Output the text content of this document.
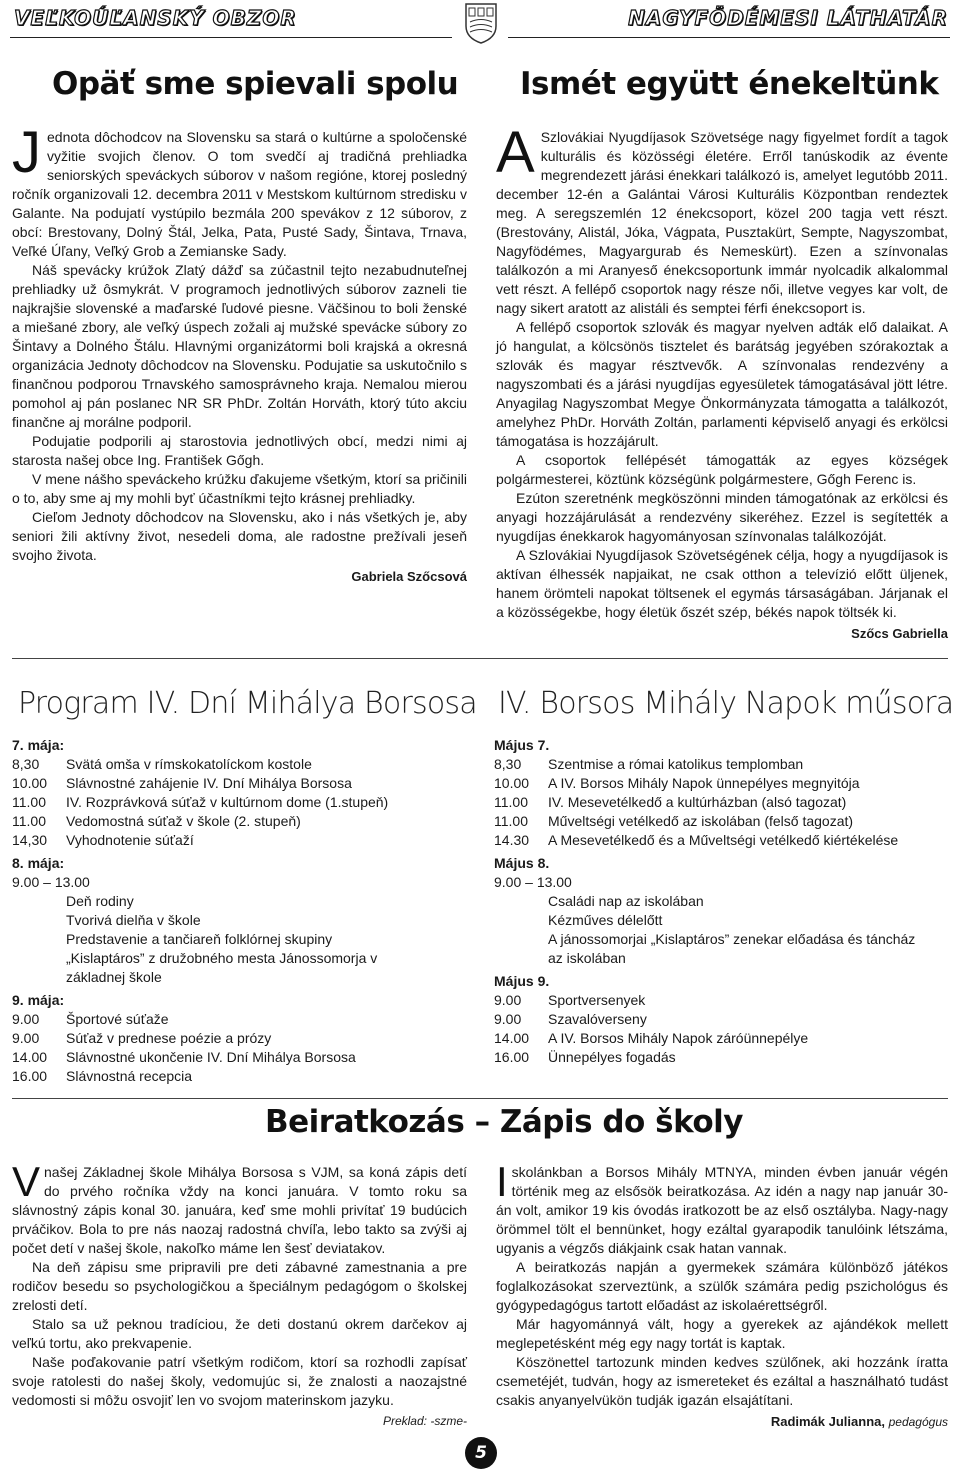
VEĽKOÚĽANSKÝ OBZOR	NAGYFÖDÉMESI LÁTHATÁR
Opäť sme spievali spolu

Jednota dôchodcov na Slovensku sa stará o kultúrne a spoločenské vyžitie svojich členov. O tom svedčí aj tradičná prehliadka seniorských speváckych súborov v našom regióne, ktorej posledný ročník organizovali 12. decembra 2011 v Mestskom kultúrnom stredisku v Galante. Na podujatí vystúpilo bezmála 200 spevákov z 12 súborov, z obcí: Brestovany, Dolný Štál, Jelka, Pata, Pusté Sady, Šintava, Trnava, Veľké Úľany, Veľký Grob a Zemianske Sady.

Náš spevácky krúžok Zlatý dážď sa zúčastnil tejto nezabudnuteľnej prehliadky už ôsmykrát. V programoch jednotlivých súborov zazneli tie najkrajšie slovenské a maďarské ľudové piesne. Väčšinou to boli ženské a miešané zbory, ale veľký úspech zožali aj mužské spevácke súbory zo Šintavy a Dolného Štálu. Hlavnými organizátormi boli krajská a okresná organizácia Jednoty dôchodcov na Slovensku. Podujatie sa uskutočnilo s finančnou podporou Trnavského samosprávneho kraja. Nemalou mierou pomohol aj pán poslanec NR SR PhDr. Zoltán Horváth, ktorý túto akciu finančne aj morálne podporil.

Podujatie podporili aj starostovia jednotlivých obcí, medzi nimi aj starosta našej obce Ing. František Gőgh.

V mene nášho speváckeho krúžku ďakujeme všetkým, ktorí sa pričinili o to, aby sme aj my mohli byť účastníkmi tejto krásnej prehliadky.

Cieľom Jednoty dôchodcov na Slovensku, ako i nás všetkých je, aby seniori žili aktívny život, nesedeli doma, ale radostne prežívali jeseň svojho života.

Gabriela Szőcsová
Ismét együtt énekeltünk

A Szlovákiai Nyugdíjasok Szövetsége nagy figyelmet fordít a tagok kulturális és közösségi életére. Erről tanúskodik az évente megrendezett járási énekkari találkozó is, amelyet legutóbb 2011. december 12-én a Galántai Városi Kulturális Központban rendeztek meg. A seregszemlén 12 énekcsoport, közel 200 tagja vett részt. (Brestovány, Alistál, Jóka, Vágpata, Pusztakürt, Sempte, Nagyszombat, Nagyfödémes, Magyargurab és Nemeskürt). Ezen a színvonalas találkozón a mi Aranyeső énekcsoportunk immár nyolcadik alkalommal vett részt. A fellépő csoportok nagy része női, illetve vegyes kar volt, de nagy sikert aratott az alistáli és semptei férfi énekcsoport is.

A fellépő csoportok szlovák és magyar nyelven adták elő dalaikat. A jó hangulat, a kölcsönös tisztelet és barátság jegyében szórakoztak a szlovák és magyar résztvevők. A színvonalas rendezvény a nagyszombati és a járási nyugdíjas egyesületek támogatásával jött létre. Anyagilag Nagyszombat Megye Önkormányzata támogatta a találkozót, amelyhez PhDr. Horváth Zoltán, parlamenti képviselő anyagi és erkölcsi támogatása is hozzájárult.

A csoportok fellépését támogatták az egyes községek polgármesterei, köztünk községünk polgármestere, Gőgh Ferenc is.

Ezúton szeretnénk megköszönni minden támogatónak az erkölcsi és anyagi hozzájárulását a rendezvény sikeréhez. Ezzel is segítették a nyugdíjas énekkarok hagyományosan színvonalas találkozóját.

A Szlovákiai Nyugdíjasok Szövetségének célja, hogy a nyugdíjasok is aktívan élhessék napjaikat, ne csak otthon a televízió előtt üljenek, hanem örömteli napokat töltsenek el egymás társaságában. Járjanak el a közösségekbe, hogy életük őszét szép, békés napok töltsék ki.

Szőcs Gabriella
Program IV. Dní Mihálya Borsosa
7. mája:
8,30	Svätá omša v rímskokatolíckom kostole
10.00	Slávnostné zahájenie IV. Dní Mihálya Borsosa
11.00	IV. Rozprávková súťaž v kultúrnom dome (1.stupeň)
11.00	Vedomostná súťaž v škole (2. stupeň)
14,30	Vyhodnotenie súťaží
8. mája:
9.00 – 13.00
Deň rodiny
Tvorivá dielňa v škole
Predstavenie a tančiareň folklórnej skupiny „Kislaptáros” z družobného mesta Jánossomorja v základnej škole
9. mája:
9.00	Športové súťaže
9.00	Súťaž v prednese poézie a prózy
14.00	Slávnostné ukončenie IV. Dní Mihálya Borsosa
16.00	Slávnostná recepcia
IV. Borsos Mihály Napok műsora
Május 7.
8,30	Szentmise a római katolikus templomban
10.00	A IV. Borsos Mihály Napok ünnepélyes megnyitója
11.00	IV. Mesevetélkedő a kultúrházban (alsó tagozat)
11.00	Műveltségi vetélkedő az iskolában (felső tagozat)
14.30	A Mesevetélkedő és a Műveltségi vetélkedő kiértékelése
Május 8.
9.00 – 13.00
Családi nap az iskolában
Kézműves délelőtt
A jánossomorjai „Kislaptáros” zenekar előadása és táncház az iskolában
Május 9.
9.00	Sportversenyek
9.00	Szavalóverseny
14.00	A IV. Borsos Mihály Napok záróünnepélye
16.00	Ünnepélyes fogadás
Beiratkozás – Zápis do školy

Vnašej Základnej škole Mihálya Borsosa s VJM, sa koná zápis detí do prvého ročníka vždy na konci januára. V tomto roku sa slávnostný zápis konal 30. januára, keď sme mohli privítať 19 budúcich prváčikov. Bola to pre nás naozaj radostná chvíľa, lebo takto sa zvýši aj počet detí v našej škole, nakoľko máme len šesť deviatakov.

Na deň zápisu sme pripravili pre deti zábavné zamestnania a pre rodičov besedu so psychologičkou a špeciálnym pedagógom o školskej zrelosti detí.

Stalo sa už peknou tradíciou, že deti dostanú okrem darčekov aj veľkú tortu, ako prekvapenie.

Naše poďakovanie patrí všetkým rodičom, ktorí sa rozhodli zapísať svoje ratolesti do našej školy, vedomujúc si, že znalosti a naozajstné vedomosti si môžu osvojiť len vo svojom materinskom jazyku.

Preklad: -szme-

Iskolánkban a Borsos Mihály MTNYA, minden évben január végén történik meg az elsősök beiratkozása. Az idén a nagy nap január 30-án volt, amikor 19 kis óvodás iratkozott be az első osztályba. Nagy-nagy örömmel tölt el bennünket, hogy ezáltal gyarapodik tanulóink létszáma, ugyanis a végzős diákjaink csak hatan vannak.

A beiratkozás napján a gyermekek számára különböző játékos foglalkozásokat szerveztünk, a szülők számára pedig pszichológus és gyógypedagógus tartott előadást az iskolaérettségről.

Már hagyománnyá vált, hogy a gyerekek az ajándékok mellett meglepetésként még egy nagy tortát is kaptak.

Köszönettel tartozunk minden kedves szülőnek, aki hozzánk íratta csemetéjét, tudván, hogy az ismereteket és ezáltal a használható tudást csakis anyanyelvükön tudják igazán elsajátítani.

Radimák Julianna, pedagógus
5
